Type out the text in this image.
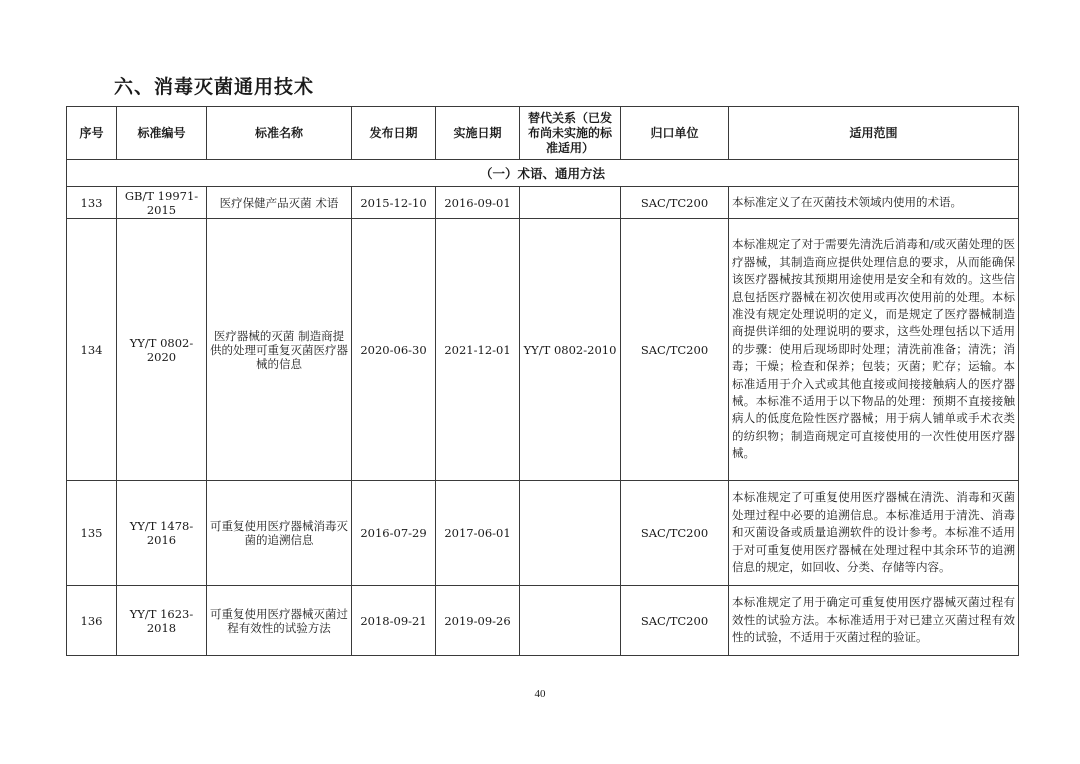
六、消毒灭菌通用技术
序号	标准编号	标准名称	发布日期	实施日期	替代关系（已发布尚未实施的标准适用）	归口单位	适用范围
（一）术语、通用方法							
133	GB/T 19971-2015	医疗保健产品灭菌 术语	2015-12-10	2016-09-01		SAC/TC200	本标准定义了在灭菌技术领域内使用的术语。
134	YY/T 0802-2020	医疗器械的灭菌 制造商提供的处理可重复灭菌医疗器械的信息	2020-06-30	2021-12-01	YY/T 0802-2010	SAC/TC200	本标准规定了对于需要先清洗后消毒和/或灭菌处理的医疗器械，其制造商应提供处理信息的要求，从而能确保该医疗器械按其预期用途使用是安全和有效的。这些信息包括医疗器械在初次使用或再次使用前的处理。本标准没有规定处理说明的定义，而是规定了医疗器械制造商提供详细的处理说明的要求，这些处理包括以下适用的步骤：使用后现场即时处理；清洗前准备；清洗；消毒；干燥；检查和保养；包装；灭菌；贮存；运输。本标准适用于介入式或其他直接或间接接触病人的医疗器械。本标准不适用于以下物品的处理：预期不直接接触病人的低度危险性医疗器械；用于病人铺单或手术衣类的纺织物；制造商规定可直接使用的一次性使用医疗器械。
135	YY/T 1478-2016	可重复使用医疗器械消毒灭菌的追溯信息	2016-07-29	2017-06-01		SAC/TC200	本标准规定了可重复使用医疗器械在清洗、消毒和灭菌处理过程中必要的追溯信息。本标准适用于清洗、消毒和灭菌设备或质量追溯软件的设计参考。本标准不适用于对可重复使用医疗器械在处理过程中其余环节的追溯信息的规定，如回收、分类、存储等内容。
136	YY/T 1623-2018	可重复使用医疗器械灭菌过程有效性的试验方法	2018-09-21	2019-09-26		SAC/TC200	本标准规定了用于确定可重复使用医疗器械灭菌过程有效性的试验方法。本标准适用于对已建立灭菌过程有效性的试验，不适用于灭菌过程的验证。
40
